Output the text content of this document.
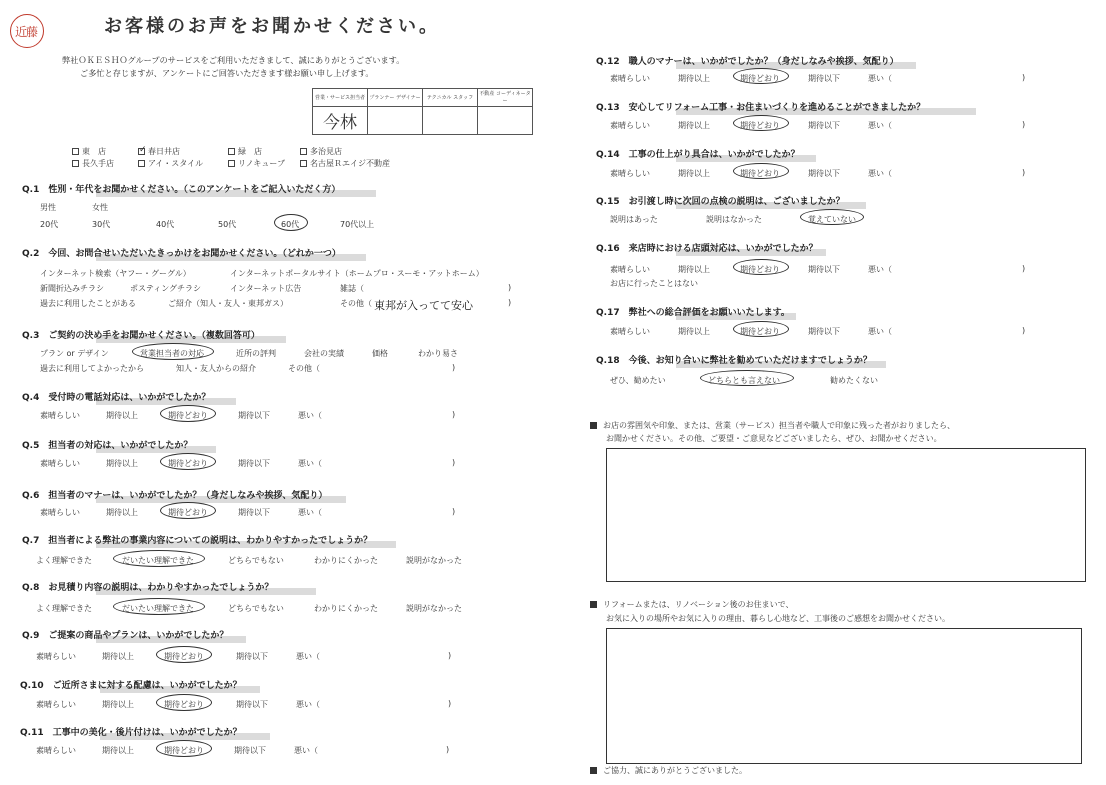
近藤	お客様のお声をお聞かせください。
弊社ＯＫＥＳＨＯグループのサービスをご利用いただきまして、誠にありがとうございます。
ご多忙と存じますが、アンケートにご回答いただきます様お願い申し上げます。
営業・サービス担当者	プランナー デザイナー	テクニカル スタッフ	不動産 コーディネーター
今林			
東　店	✓ 春日井店	緑　店	多治見店
長久手店	アイ・スタイル	リノキューブ	名古屋Ｒエイジ不動産
Q.1　 性別・年代をお聞かせください。（このアンケートをご記入いただく方）
男性	女性
20代	30代	40代	50代	60代	70代以上
Q.2　 今回、お問合せいただいたきっかけをお聞かせください。（どれか一つ）
インターネット検索（ヤフー・グーグル）	インターネットポータルサイト（ホームプロ・スーモ・アットホーム）
新聞折込みチラシ	ポスティングチラシ	インターネット広告	雑誌（	)
過去に利用したことがある	ご紹介（知人・友人・東邦ガス）	その他（ 東邦が入ってて安心	)
Q.3　 ご契約の決め手をお聞かせください。（複数回答可）
プラン or デザイン	営業担当者の対応	近所の評判	会社の実績	価格	わかり易さ
過去に利用してよかったから	知人・友人からの紹介	その他（	)
Q.4　 受付時の電話対応は、いかがでしたか？
素晴らしい	期待以上	期待どおり	期待以下	悪い（	)
Q.5　 担当者の対応は、いかがでしたか？
素晴らしい	期待以上	期待どおり	期待以下	悪い（	)
Q.6　 担当者のマナーは、いかがでしたか？（身だしなみや挨拶、気配り）
素晴らしい	期待以上	期待どおり	期待以下	悪い（	)
Q.7　 担当者による弊社の事業内容についての説明は、わかりやすかったでしょうか？
よく理解できた	だいたい理解できた	どちらでもない	わかりにくかった	説明がなかった
Q.8　 お見積り内容の説明は、わかりやすかったでしょうか？
よく理解できた	だいたい理解できた	どちらでもない	わかりにくかった	説明がなかった
Q.9　 ご提案の商品やプランは、いかがでしたか？
素晴らしい	期待以上	期待どおり	期待以下	悪い（	)
Q.10　 ご近所さまに対する配慮は、いかがでしたか？
素晴らしい	期待以上	期待どおり	期待以下	悪い（	)
Q.11　 工事中の美化・後片付けは、いかがでしたか？
素晴らしい	期待以上	期待どおり	期待以下	悪い（	)
Q.12　 職人のマナーは、いかがでしたか？（身だしなみや挨拶、気配り）
素晴らしい	期待以上	期待どおり	期待以下	悪い（	)
Q.13　 安心してリフォーム工事・お住まいづくりを進めることができましたか？
素晴らしい	期待以上	期待どおり	期待以下	悪い（	)
Q.14　 工事の仕上がり具合は、いかがでしたか？
素晴らしい	期待以上	期待どおり	期待以下	悪い（	)
Q.15　 お引渡し時に次回の点検の説明は、ございましたか？
説明はあった	説明はなかった	覚えていない
Q.16　 来店時における店頭対応は、いかがでしたか？
素晴らしい	期待以上	期待どおり	期待以下	悪い（	)
お店に行ったことはない
Q.17　 弊社への総合評価をお願いいたします。
素晴らしい	期待以上	期待どおり	期待以下	悪い（	)
Q.18　 今後、お知り合いに弊社を勧めていただけますでしょうか？
ぜひ、勧めたい	どちらとも言えない	勧めたくない
お店の雰囲気や印象、または、営業（サービス）担当者や職人で印象に残った者がおりましたら、
お聞かせください。その他、ご要望・ご意見などございましたら、ぜひ、お聞かせください。
リフォームまたは、リノベーション後のお住まいで、
お気に入りの場所やお気に入りの理由、暮らし心地など、工事後のご感想をお聞かせください。
ご協力、誠にありがとうございました。
